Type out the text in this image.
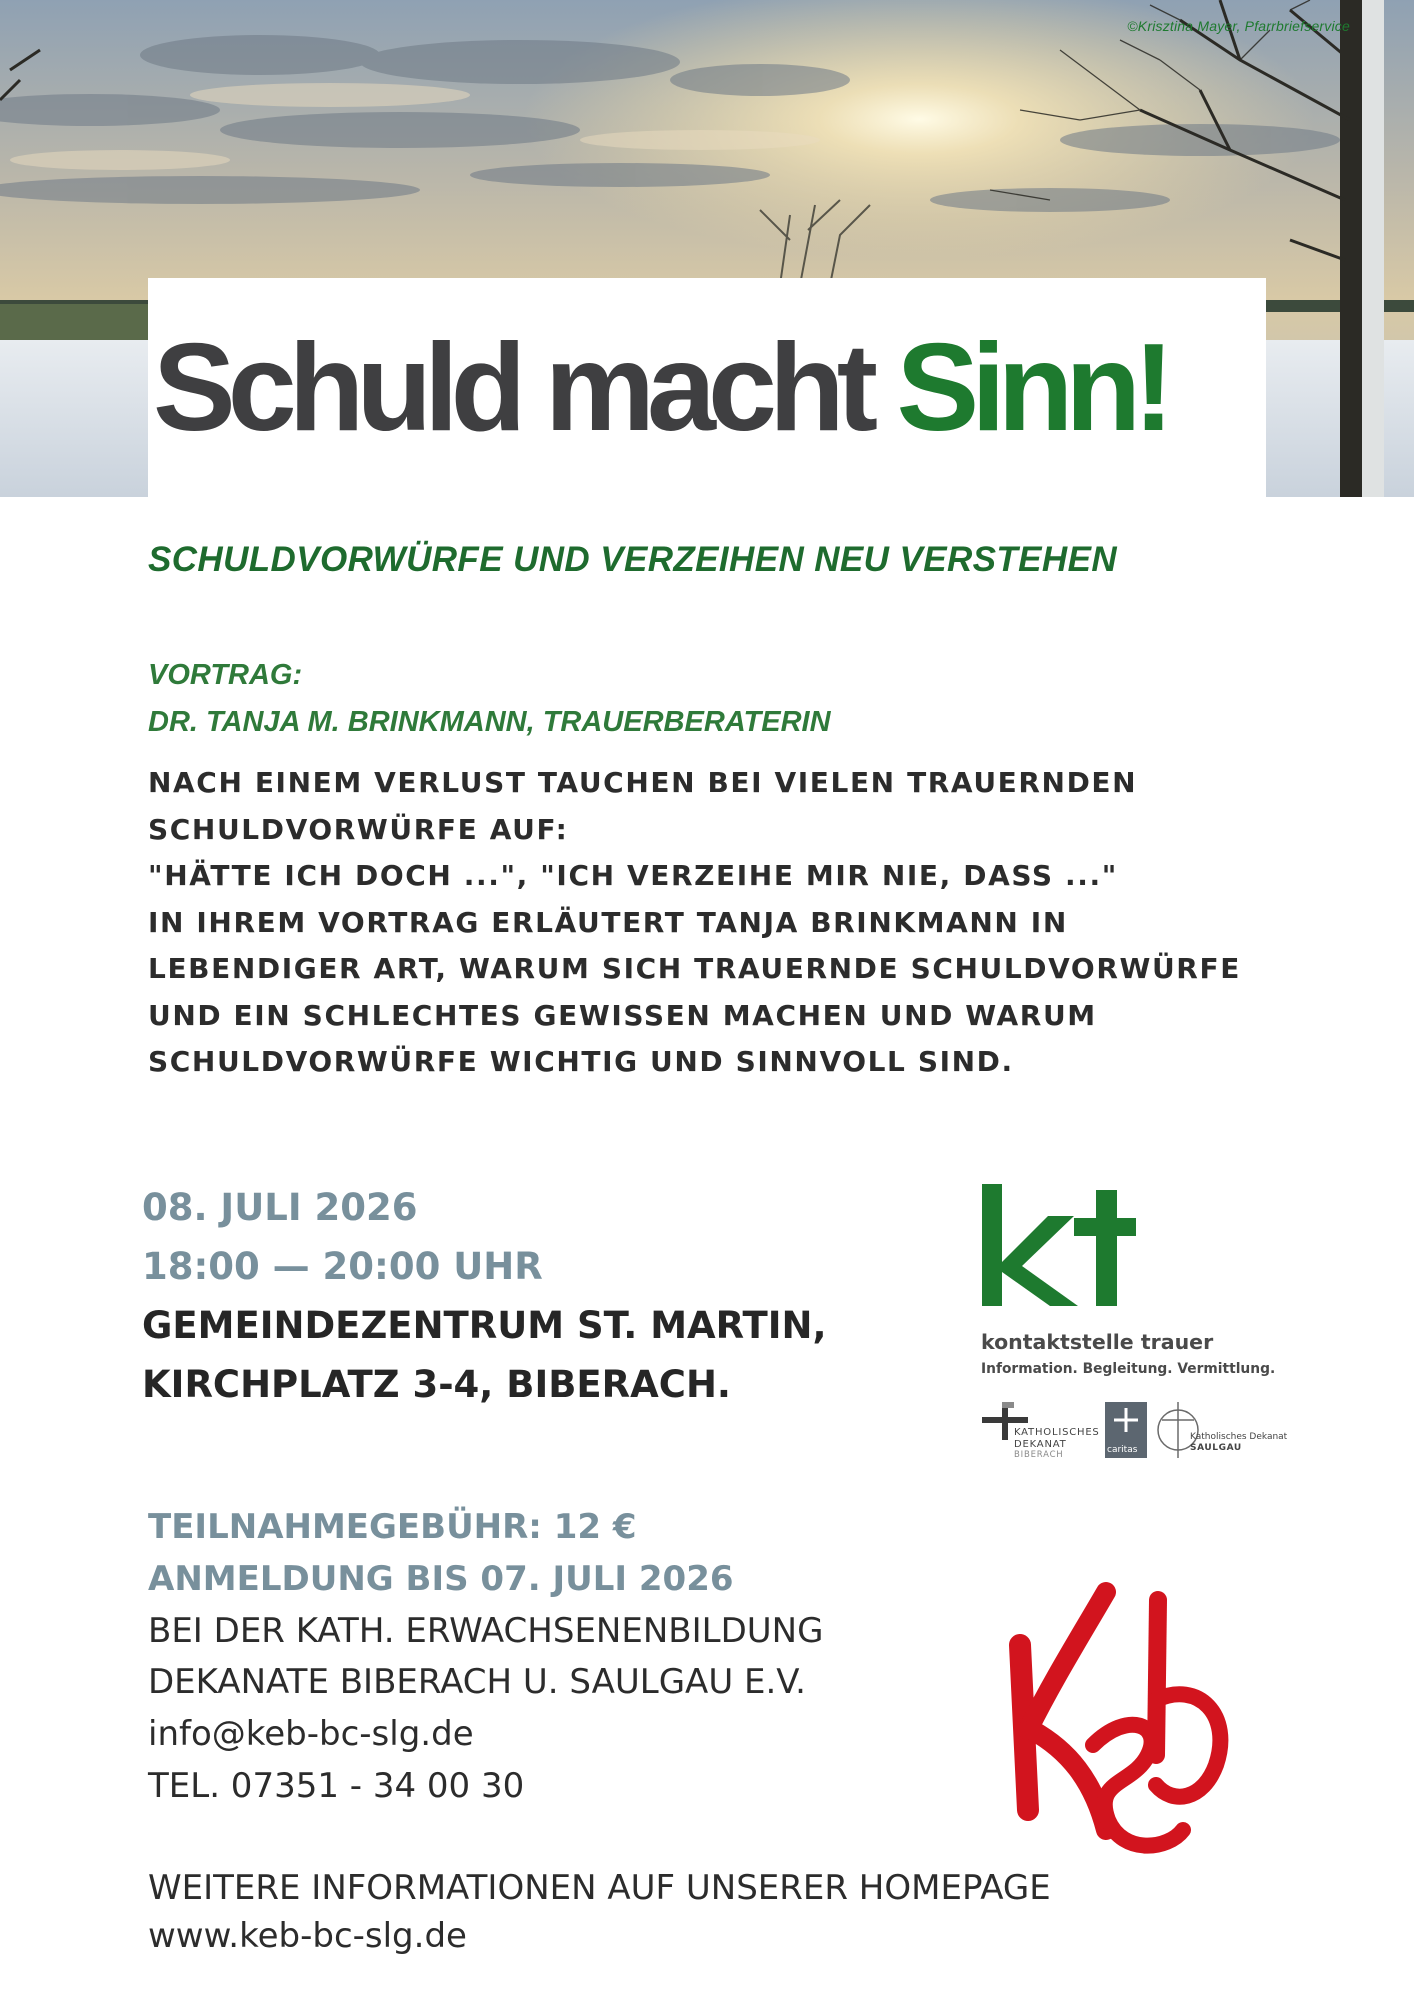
©Krisztina Mayer, Pfarrbriefservice
Schuld macht Sinn!
SCHULDVORWÜRFE UND VERZEIHEN NEU VERSTEHEN
VORTRAG:
DR. TANJA M. BRINKMANN, TRAUERBERATERIN
NACH EINEM VERLUST TAUCHEN BEI VIELEN TRAUERNDEN
SCHULDVORWÜRFE AUF:
"HÄTTE ICH DOCH ...", "ICH VERZEIHE MIR NIE, DASS ..."
IN IHREM VORTRAG ERLÄUTERT TANJA BRINKMANN IN
LEBENDIGER ART, WARUM SICH TRAUERNDE SCHULDVORWÜRFE
UND EIN SCHLECHTES GEWISSEN MACHEN UND WARUM
SCHULDVORWÜRFE WICHTIG UND SINNVOLL SIND.
08. JULI 2026
18:00 — 20:00 UHR
GEMEINDEZENTRUM ST. MARTIN,
KIRCHPLATZ 3-4, BIBERACH.
kontaktstelle trauer
Information. Begleitung. Vermittlung.
KATHOLISCHES
DEKANAT
BIBERACH	caritas
Katholisches Dekanat
SAULGAU
TEILNAHMEGEBÜHR: 12 €
ANMELDUNG BIS 07. JULI 2026
BEI DER KATH. ERWACHSENENBILDUNG
DEKANATE BIBERACH U. SAULGAU E.V.
info@keb-bc-slg.de
TEL. 07351 - 34 00 30
WEITERE INFORMATIONEN AUF UNSERER HOMEPAGE
www.keb-bc-slg.de
